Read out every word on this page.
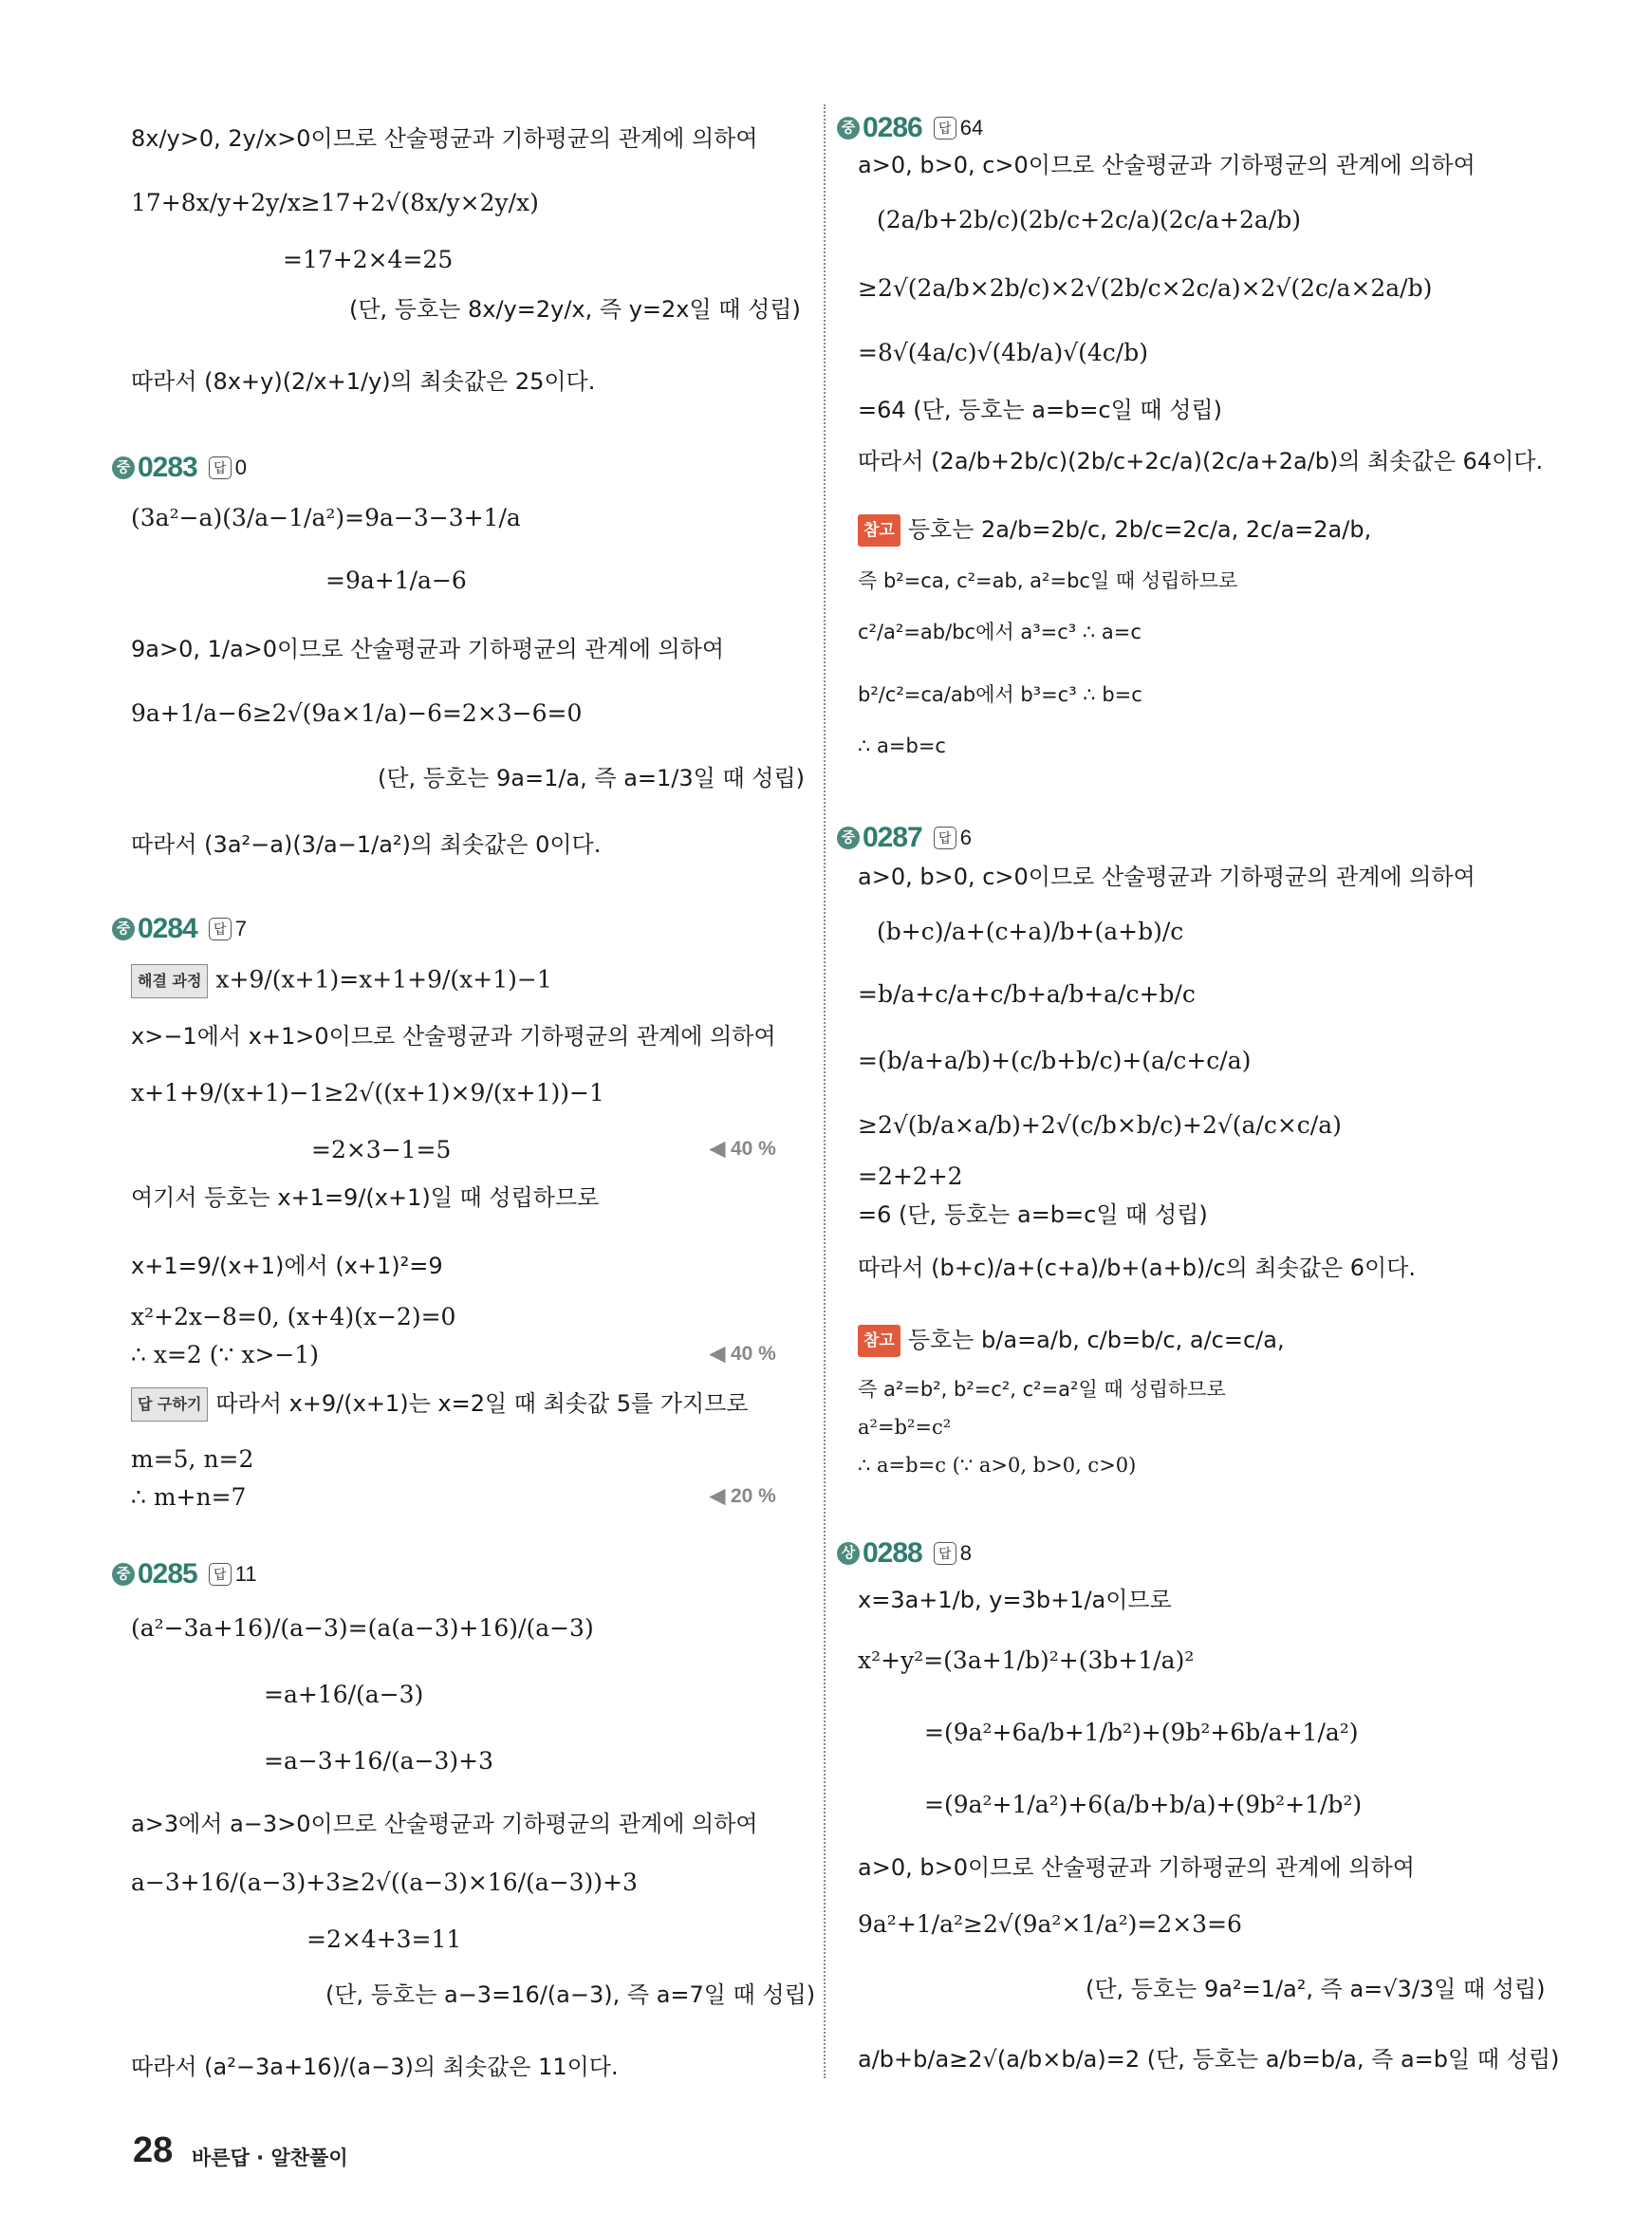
8x/y>0, 2y/x>0이므로 산술평균과 기하평균의 관계에 의하여
17+8x/y+2y/x≥17+2√(8x/y×2y/x)
=17+2×4=25
(단, 등호는 8x/y=2y/x, 즉 y=2x일 때 성립)
따라서 (8x+y)(2/x+1/y)의 최솟값은 25이다.
중 0283 답 0
(3a²−a)(3/a−1/a²)=9a−3−3+1/a
=9a+1/a−6
9a>0, 1/a>0이므로 산술평균과 기하평균의 관계에 의하여
9a+1/a−6≥2√(9a×1/a)−6=2×3−6=0
(단, 등호는 9a=1/a, 즉 a=1/3일 때 성립)
따라서 (3a²−a)(3/a−1/a²)의 최솟값은 0이다.
중 0284 답 7
해결 과정 x+9/(x+1)=x+1+9/(x+1)−1
x>−1에서 x+1>0이므로 산술평균과 기하평균의 관계에 의하여
x+1+9/(x+1)−1≥2√((x+1)×9/(x+1))−1
=2×3−1=5
여기서 등호는 x+1=9/(x+1)일 때 성립하므로
x+1=9/(x+1)에서 (x+1)²=9
x²+2x−8=0, (x+4)(x−2)=0
∴ x=2 (∵ x>−1)
답 구하기 따라서 x+9/(x+1)는 x=2일 때 최솟값 5를 가지므로
m=5, n=2
∴ m+n=7
◀ 40 %
◀ 40 %
◀ 20 %
중 0285 답 11
(a²−3a+16)/(a−3)=(a(a−3)+16)/(a−3)
=a+16/(a−3)
=a−3+16/(a−3)+3
a>3에서 a−3>0이므로 산술평균과 기하평균의 관계에 의하여
a−3+16/(a−3)+3≥2√((a−3)×16/(a−3))+3
=2×4+3=11
(단, 등호는 a−3=16/(a−3), 즉 a=7일 때 성립)
따라서 (a²−3a+16)/(a−3)의 최솟값은 11이다.
중 0286 답 64
a>0, b>0, c>0이므로 산술평균과 기하평균의 관계에 의하여
(2a/b+2b/c)(2b/c+2c/a)(2c/a+2a/b)
≥2√(2a/b×2b/c)×2√(2b/c×2c/a)×2√(2c/a×2a/b)
=8√(4a/c)√(4b/a)√(4c/b)
=64 (단, 등호는 a=b=c일 때 성립)
따라서 (2a/b+2b/c)(2b/c+2c/a)(2c/a+2a/b)의 최솟값은 64이다.
참고 등호는 2a/b=2b/c, 2b/c=2c/a, 2c/a=2a/b,
즉 b²=ca, c²=ab, a²=bc일 때 성립하므로
c²/a²=ab/bc에서 a³=c³ ∴ a=c
b²/c²=ca/ab에서 b³=c³ ∴ b=c
∴ a=b=c
중 0287 답 6
a>0, b>0, c>0이므로 산술평균과 기하평균의 관계에 의하여
(b+c)/a+(c+a)/b+(a+b)/c
=b/a+c/a+c/b+a/b+a/c+b/c
=(b/a+a/b)+(c/b+b/c)+(a/c+c/a)
≥2√(b/a×a/b)+2√(c/b×b/c)+2√(a/c×c/a)
=2+2+2
=6 (단, 등호는 a=b=c일 때 성립)
따라서 (b+c)/a+(c+a)/b+(a+b)/c의 최솟값은 6이다.
참고 등호는 b/a=a/b, c/b=b/c, a/c=c/a,
즉 a²=b², b²=c², c²=a²일 때 성립하므로
a²=b²=c²
∴ a=b=c (∵ a>0, b>0, c>0)
상 0288 답 8
x=3a+1/b, y=3b+1/a이므로
x²+y²=(3a+1/b)²+(3b+1/a)²
=(9a²+6a/b+1/b²)+(9b²+6b/a+1/a²)
=(9a²+1/a²)+6(a/b+b/a)+(9b²+1/b²)
a>0, b>0이므로 산술평균과 기하평균의 관계에 의하여
9a²+1/a²≥2√(9a²×1/a²)=2×3=6
(단, 등호는 9a²=1/a², 즉 a=√3/3일 때 성립)
a/b+b/a≥2√(a/b×b/a)=2 (단, 등호는 a/b=b/a, 즉 a=b일 때 성립)
28 바른답 · 알찬풀이
